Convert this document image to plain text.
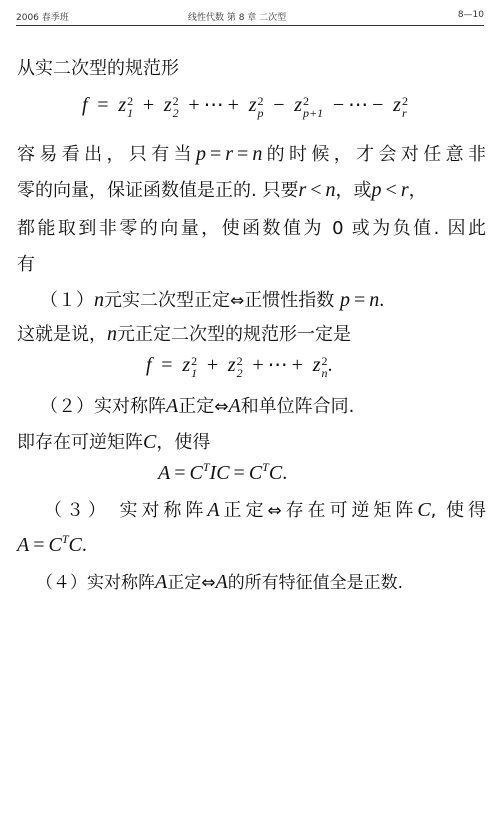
2006 春季班	线性代数 第 8 章 二次型	8—10
从实二次型的规范形
f = z 2
1 + z 2
2 + ⋯ + z 2
p − z 2
p+1 − ⋯ − z 2
r
容易看出，只有当p = r = n的时候，才会对任意非
零的向量，保证函数值是正的. 只要r < n，或p < r，
都能取到非零的向量，使函数值为 0 或为负值. 因此
有
（１）n元实二次型正定⇔正惯性指数 p = n.
这就是说，n元正定二次型的规范形一定是
f = z 2
1 + z 2
2 + ⋯ + z 2
n .
（２）实对称阵A正定⇔A和单位阵合同.
即存在可逆矩阵C，使得
$A = C^TIC = C^TC$.
（３） 实对称阵A正定⇔存在可逆矩阵C, 使得
$A = C^TC$.
（４）实对称阵A正定⇔A的所有特征值全是正数.
